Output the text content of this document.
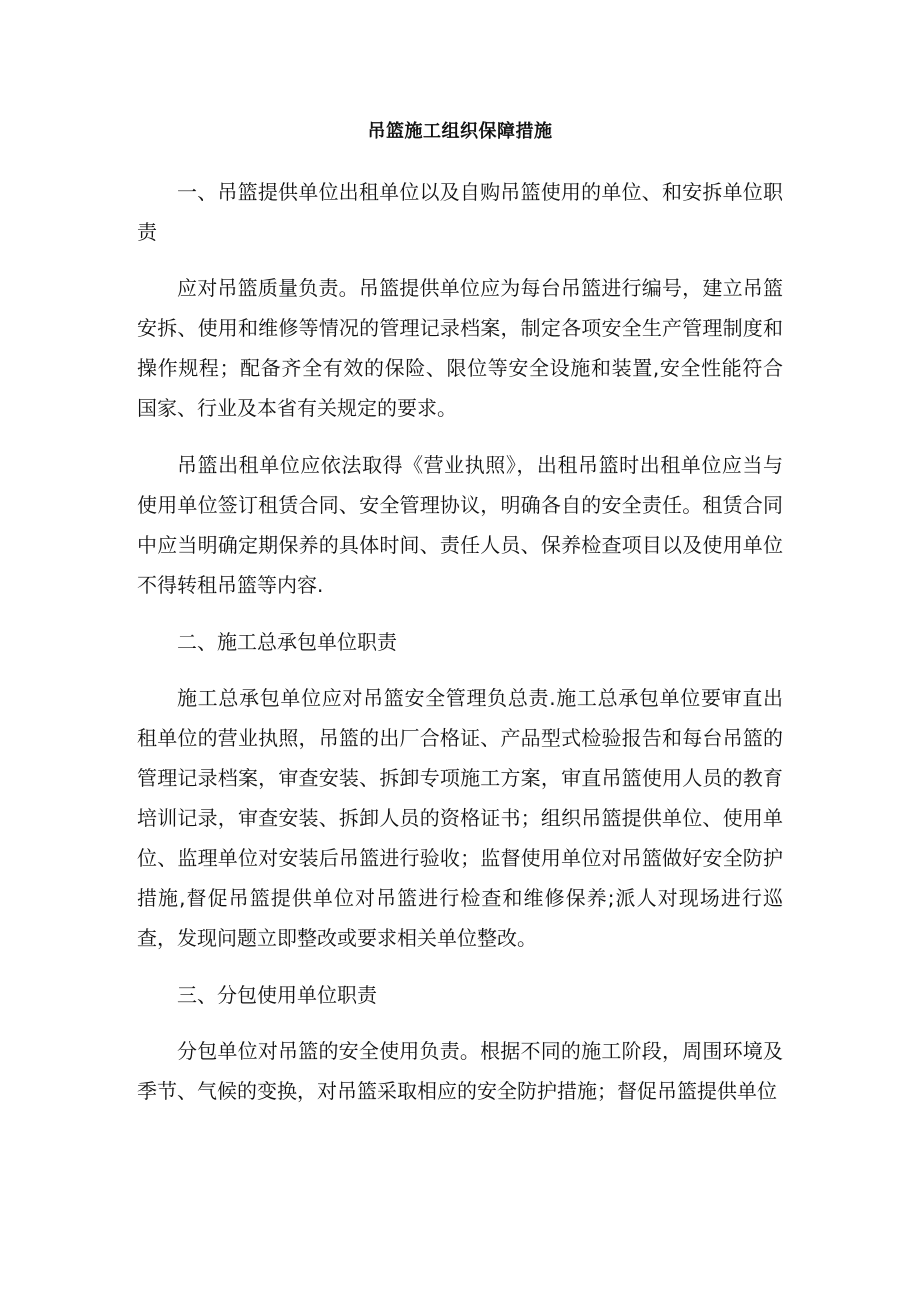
吊篮施工组织保障措施

一、吊篮提供单位出租单位以及自购吊篮使用的单位、和安拆单位职责

应对吊篮质量负责。吊篮提供单位应为每台吊篮进行编号，建立吊篮安拆、使用和维修等情况的管理记录档案，制定各项安全生产管理制度和操作规程；配备齐全有效的保险、限位等安全设施和装置,安全性能符合国家、行业及本省有关规定的要求。

吊篮出租单位应依法取得《营业执照》，出租吊篮时出租单位应当与使用单位签订租赁合同、安全管理协议，明确各自的安全责任。租赁合同中应当明确定期保养的具体时间、责任人员、保养检查项目以及使用单位不得转租吊篮等内容.

二、施工总承包单位职责

施工总承包单位应对吊篮安全管理负总责.施工总承包单位要审直出租单位的营业执照，吊篮的出厂合格证、产品型式检验报告和每台吊篮的管理记录档案，审查安装、拆卸专项施工方案，审直吊篮使用人员的教育培训记录，审查安装、拆卸人员的资格证书；组织吊篮提供单位、使用单位、监理单位对安装后吊篮进行验收；监督使用单位对吊篮做好安全防护措施,督促吊篮提供单位对吊篮进行检查和维修保养;派人对现场进行巡查，发现问题立即整改或要求相关单位整改。

三、分包使用单位职责

分包单位对吊篮的安全使用负责。根据不同的施工阶段，周围环境及季节、气候的变换，对吊篮采取相应的安全防护措施；督促吊篮提供单位
